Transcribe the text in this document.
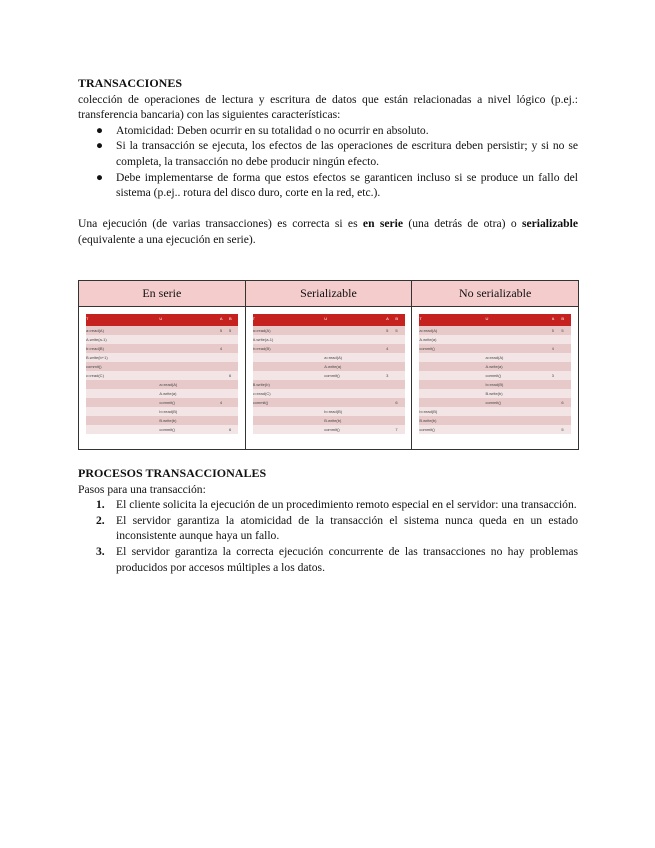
TRANSACCIONES
colección de operaciones de lectura y escritura de datos que están relacionadas a nivel lógico (p.ej.: transferencia bancaria) con las siguientes características:
● Atomicidad: Deben ocurrir en su totalidad o no ocurrir en absoluto.
● Si la transacción se ejecuta, los efectos de las operaciones de escritura deben persistir; y si no se completa, la transacción no debe producir ningún efecto.
● Debe implementarse de forma que estos efectos se garanticen incluso si se produce un fallo del sistema (p.ej.. rotura del disco duro, corte en la red, etc.).
Una ejecución (de varias transacciones) es correcta si es en serie (una detrás de otra) o serializable (equivalente a una ejecución en serie).
En serie	Serializable	No serializable

T	U	A	B
a=read(A)		5	5
A.write(a-1)			
b=read(B)		4	
B.write(b+1)			
commit()			
c=read(C)			6
	a=read(A)		
	A.write(a)		
	commit()	4	
	b=read(B)		
	B.write(b)		
	commit()		6

T	U	A	B
a=read(A)		5	5
A.write(a-1)			
b=read(B)		4	
	a=read(A)		
	A.write(a)		
	commit()	3	
B.write(b)			
c=read(C)			
commit()			6
	b=read(B)		
	B.write(b)		
	commit()		7

T	U	A	B
a=read(A)		5	5
A.write(a)			
commit()		4	
	a=read(A)		
	A.write(a)		
	commit()	3	
	b=read(B)		
	B.write(b)		
	commit()		6
b=read(B)			
B.write(b)			
commit()			5
PROCESOS TRANSACCIONALES
Pasos para una transacción:
1. El cliente solicita la ejecución de un procedimiento remoto especial en el servidor: una transacción.
2. El servidor garantiza la atomicidad de la transacción el sistema nunca queda en un estado inconsistente aunque haya un fallo.
3. El servidor garantiza la correcta ejecución concurrente de las transacciones no hay problemas producidos por accesos múltiples a los datos.
